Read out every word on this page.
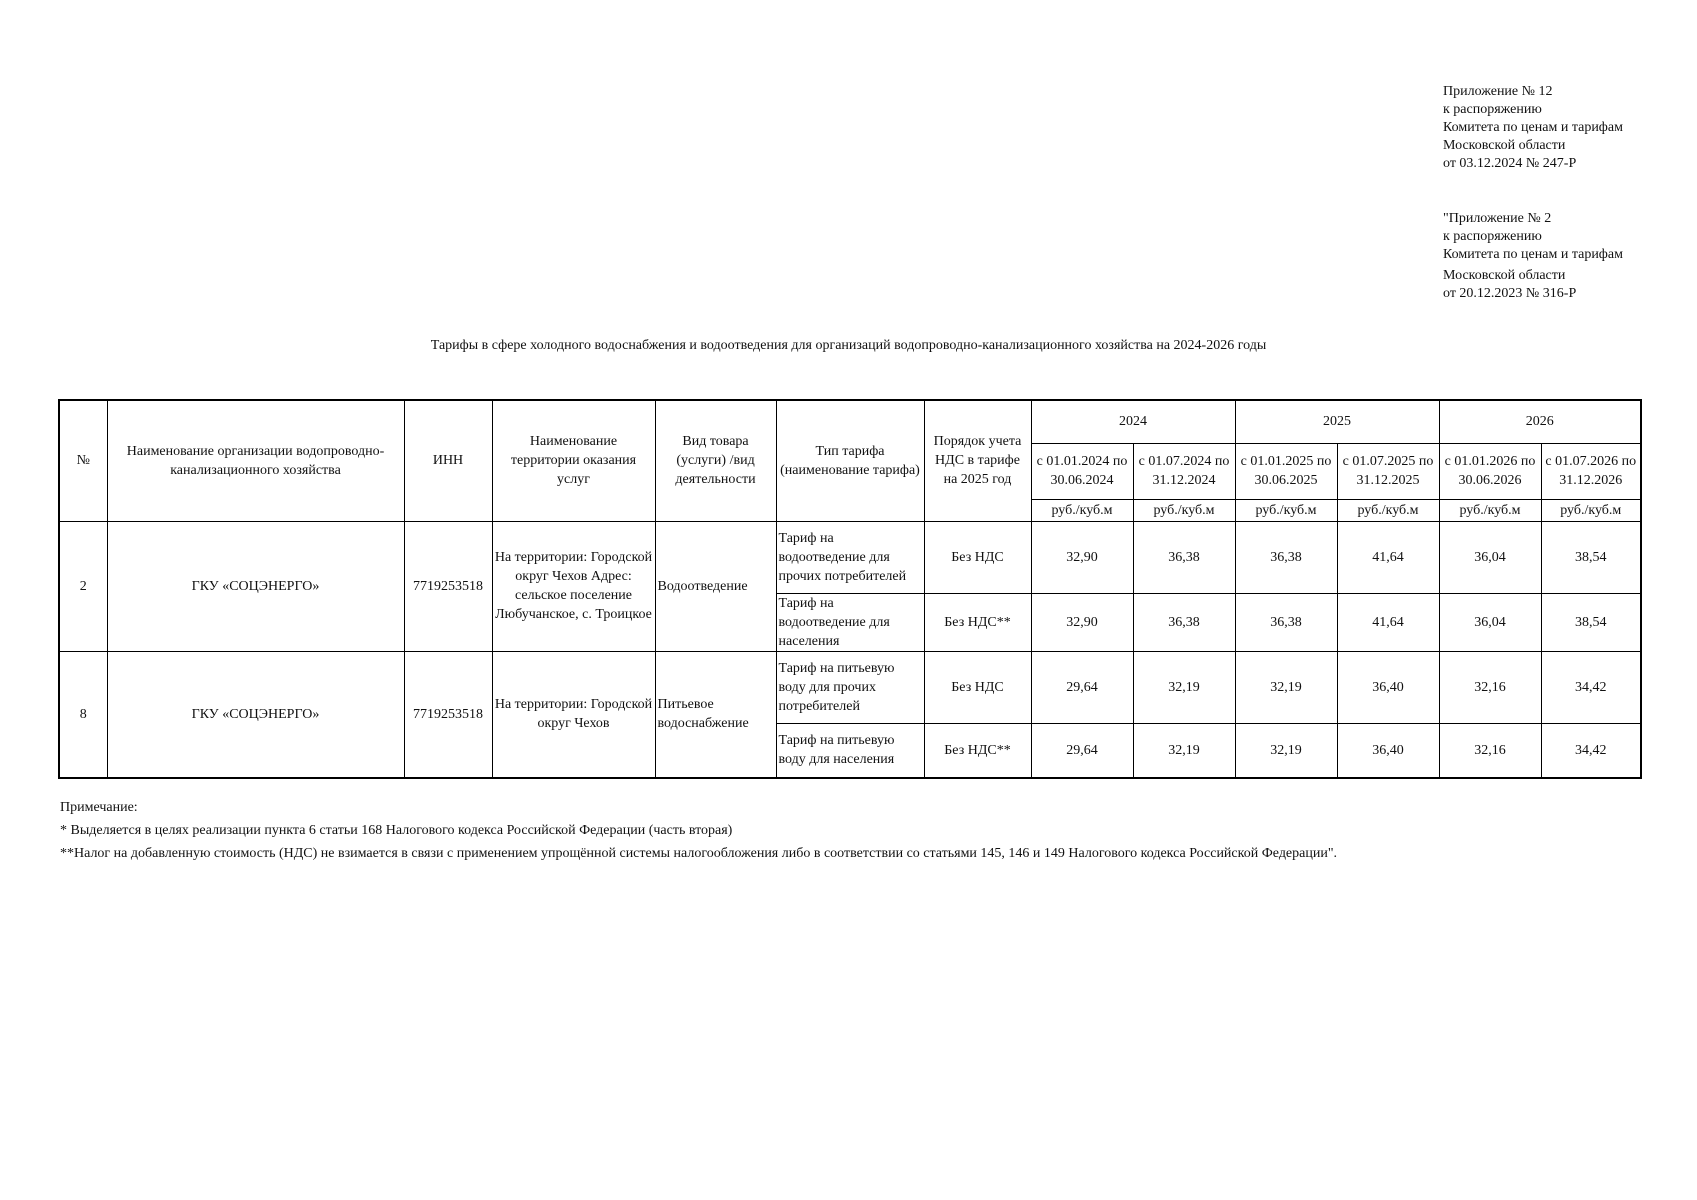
Приложение № 12
к распоряжению
Комитета по ценам и тарифам
Московской области
от 03.12.2024 № 247-Р
"Приложение № 2
к распоряжению
Комитета по ценам и тарифам
Московской области
от 20.12.2023 № 316-Р
Тарифы в сфере холодного водоснабжения и водоотведения для организаций водопроводно-канализационного хозяйства на 2024-2026 годы
№	Наименование организации водопроводно-канализационного хозяйства	ИНН	Наименование территории оказания услуг	Вид товара (услуги) /вид деятельности	Тип тарифа (наименование тарифа)	Порядок учета НДС в тарифе на 2025 год	2024		2025		2026	
							с 01.01.2024 по 30.06.2024	с 01.07.2024 по 31.12.2024	с 01.01.2025 по 30.06.2025	с 01.07.2025 по 31.12.2025	с 01.01.2026 по 30.06.2026	с 01.07.2026 по 31.12.2026
							руб./куб.м	руб./куб.м	руб./куб.м	руб./куб.м	руб./куб.м	руб./куб.м
2	ГКУ «СОЦЭНЕРГО»	7719253518	На территории: Городской округ Чехов Адрес: сельское поселение Любучанское, с. Троицкое	Водоотведение	Тариф на водоотведение для прочих потребителей	Без НДС	32,90	36,38	36,38	41,64	36,04	38,54
					Тариф на водоотведение для населения	Без НДС**	32,90	36,38	36,38	41,64	36,04	38,54
8	ГКУ «СОЦЭНЕРГО»	7719253518	На территории: Городской округ Чехов	Питьевое водоснабжение	Тариф на питьевую воду для прочих потребителей	Без НДС	29,64	32,19	32,19	36,40	32,16	34,42
					Тариф на питьевую воду для населения	Без НДС**	29,64	32,19	32,19	36,40	32,16	34,42
Примечание:
* Выделяется в целях реализации пункта 6 статьи 168 Налогового кодекса Российской Федерации (часть вторая)
**Налог на добавленную стоимость (НДС) не взимается в связи с применением упрощённой системы налогообложения либо в соответствии со статьями 145, 146 и 149 Налогового кодекса Российской Федерации".
